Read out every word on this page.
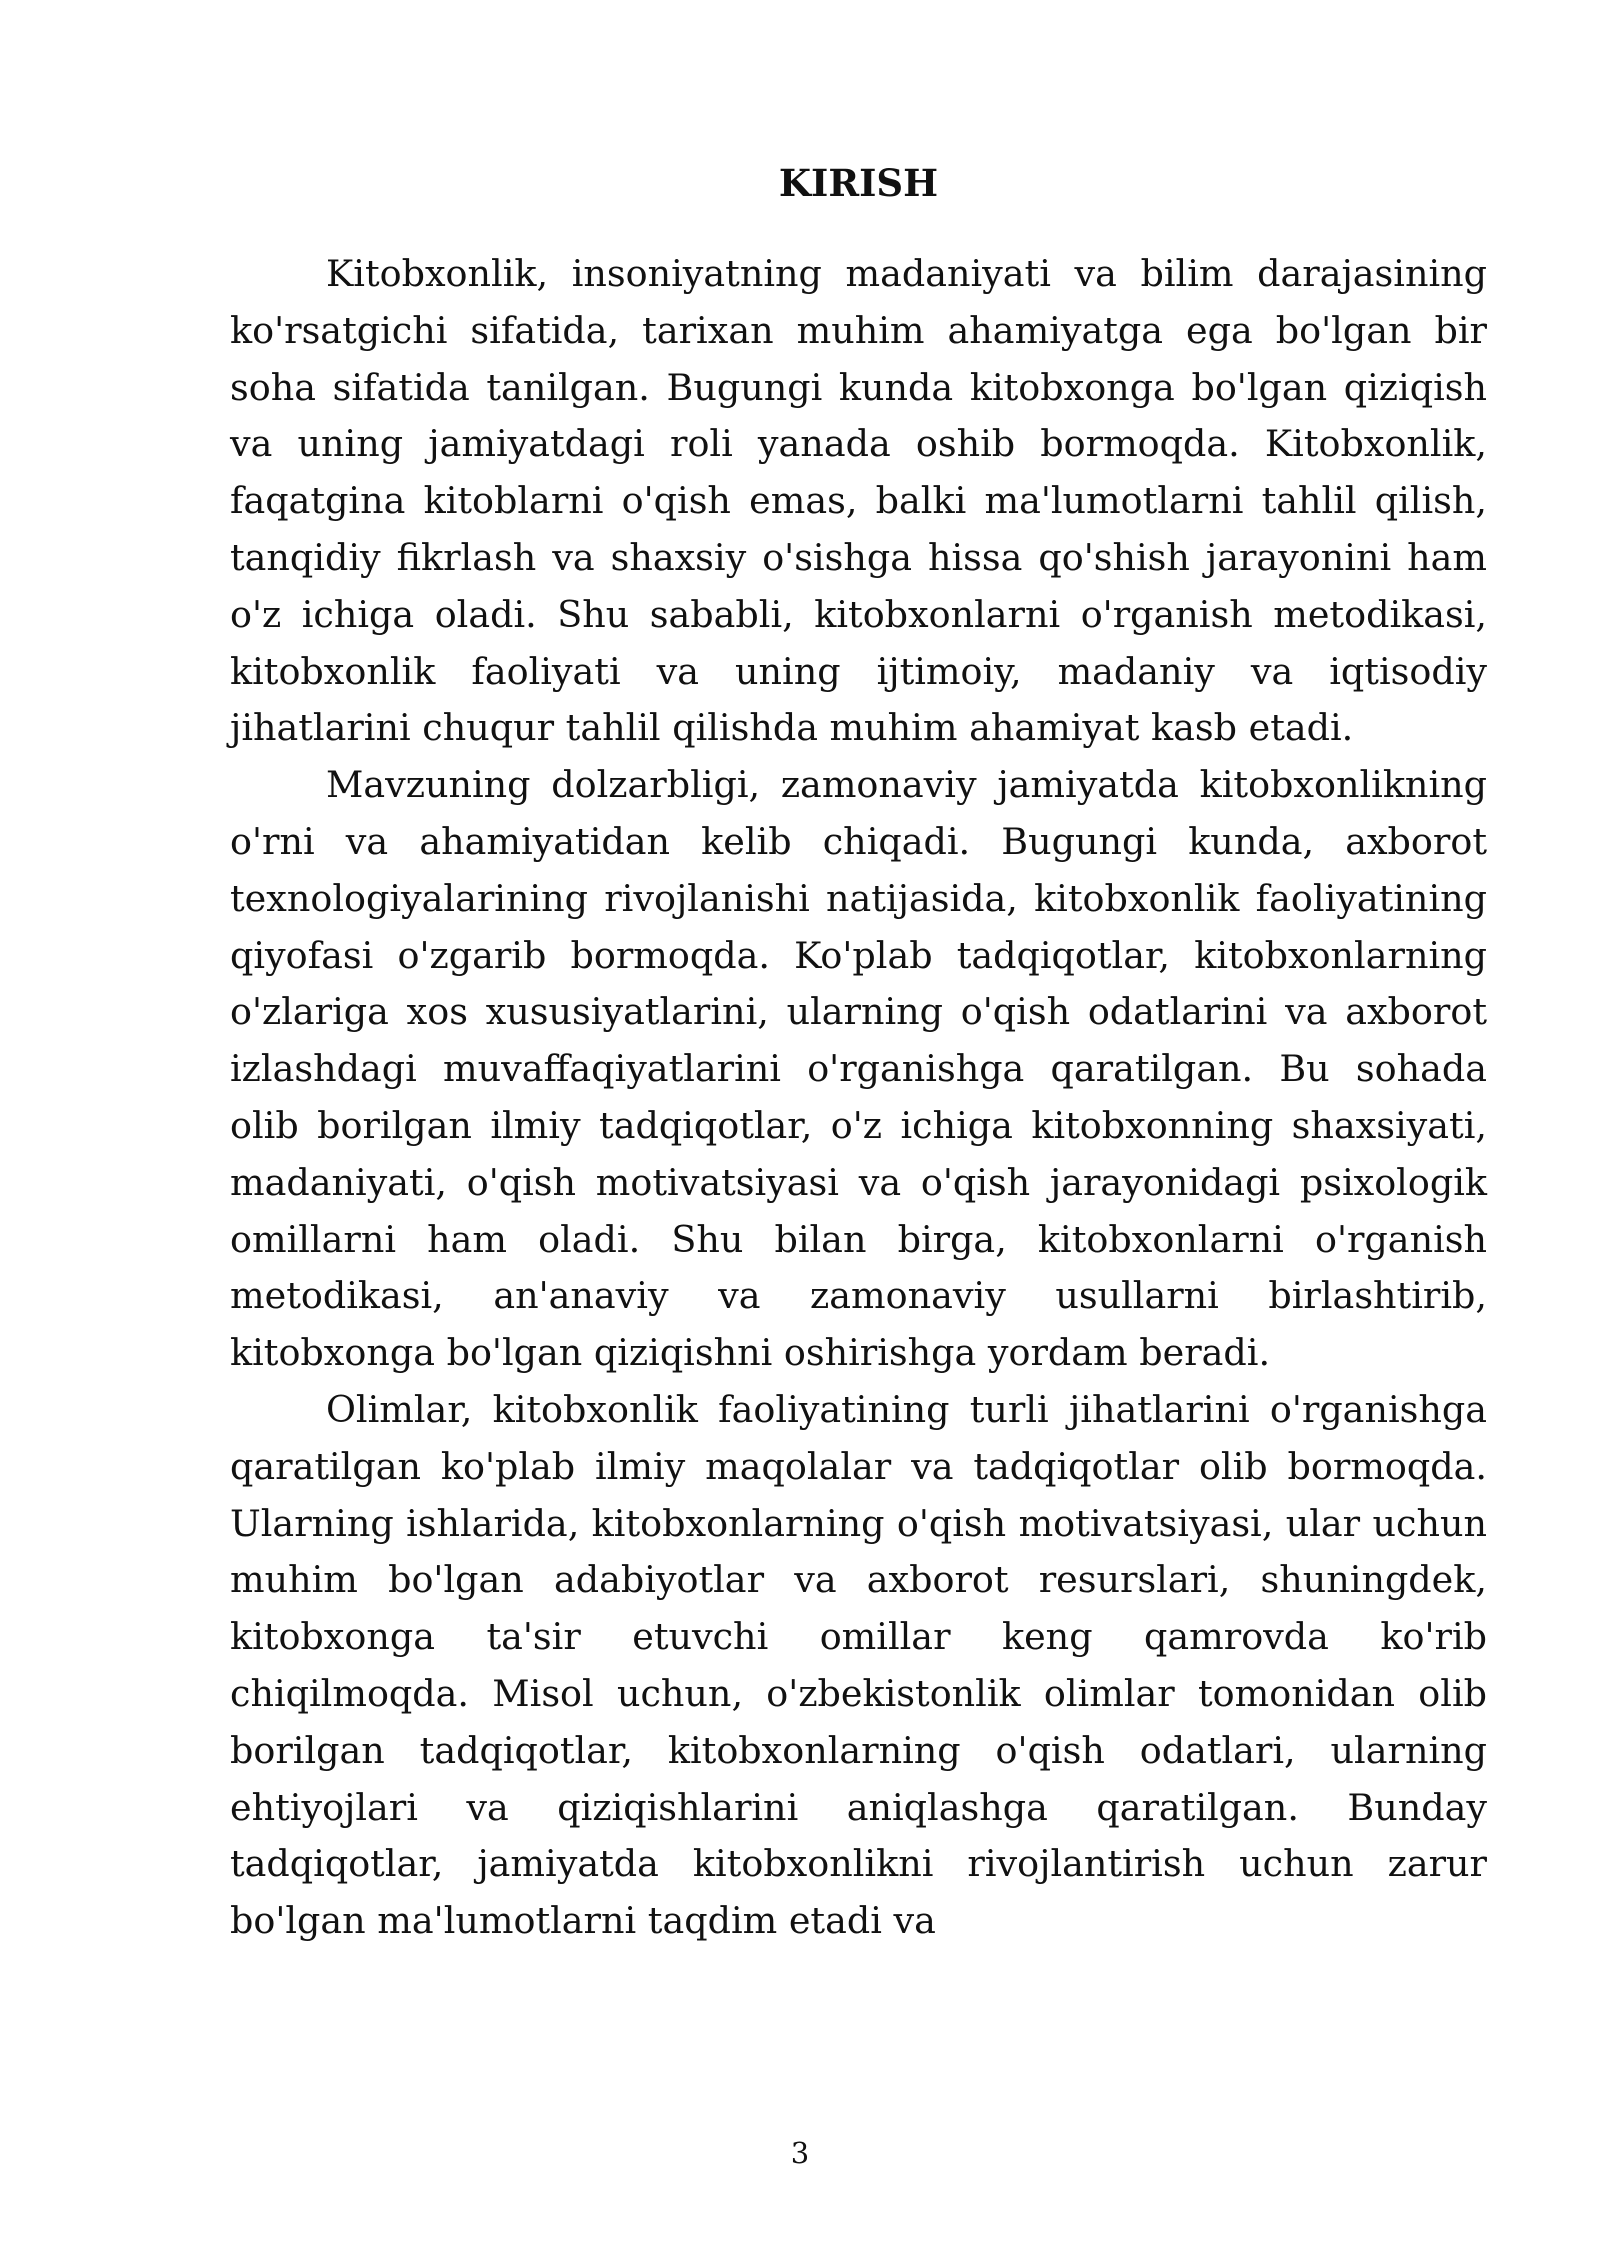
KIRISH

Kitobxonlik, insoniyatning madaniyati va bilim darajasining ko'rsatgichi sifatida, tarixan muhim ahamiyatga ega bo'lgan bir soha sifatida tanilgan. Bugungi kunda kitobxonga bo'lgan qiziqish va uning jamiyatdagi roli yanada oshib bormoqda. Kitobxonlik, faqatgina kitoblarni o'qish emas, balki ma'lumotlarni tahlil qilish, tanqidiy fikrlash va shaxsiy o'sishga hissa qo'shish jarayonini ham o'z ichiga oladi. Shu sababli, kitobxonlarni o'rganish metodikasi, kitobxonlik faoliyati va uning ijtimoiy, madaniy va iqtisodiy jihatlarini chuqur tahlil qilishda muhim ahamiyat kasb etadi.

Mavzuning dolzarbligi, zamonaviy jamiyatda kitobxonlikning o'rni va ahamiyatidan kelib chiqadi. Bugungi kunda, axborot texnologiyalarining rivojlanishi natijasida, kitobxonlik faoliyatining qiyofasi o'zgarib bormoqda. Ko'plab tadqiqotlar, kitobxonlarning o'zlariga xos xususiyatlarini, ularning o'qish odatlarini va axborot izlashdagi muvaffaqiyatlarini o'rganishga qaratilgan. Bu sohada olib borilgan ilmiy tadqiqotlar, o'z ichiga kitobxonning shaxsiyati, madaniyati, o'qish motivatsiyasi va o'qish jarayonidagi psixologik omillarni ham oladi. Shu bilan birga, kitobxonlarni o'rganish metodikasi, an'anaviy va zamonaviy usullarni birlashtirib, kitobxonga bo'lgan qiziqishni oshirishga yordam beradi.

Olimlar, kitobxonlik faoliyatining turli jihatlarini o'rganishga qaratilgan ko'plab ilmiy maqolalar va tadqiqotlar olib bormoqda. Ularning ishlarida, kitobxonlarning o'qish motivatsiyasi, ular uchun muhim bo'lgan adabiyotlar va axborot resurslari, shuningdek, kitobxonga ta'sir etuvchi omillar keng qamrovda ko'rib chiqilmoqda. Misol uchun, o'zbekistonlik olimlar tomonidan olib borilgan tadqiqotlar, kitobxonlarning o'qish odatlari, ularning ehtiyojlari va qiziqishlarini aniqlashga qaratilgan. Bunday tadqiqotlar, jamiyatda kitobxonlikni rivojlantirish uchun zarur bo'lgan ma'lumotlarni taqdim etadi va

3
